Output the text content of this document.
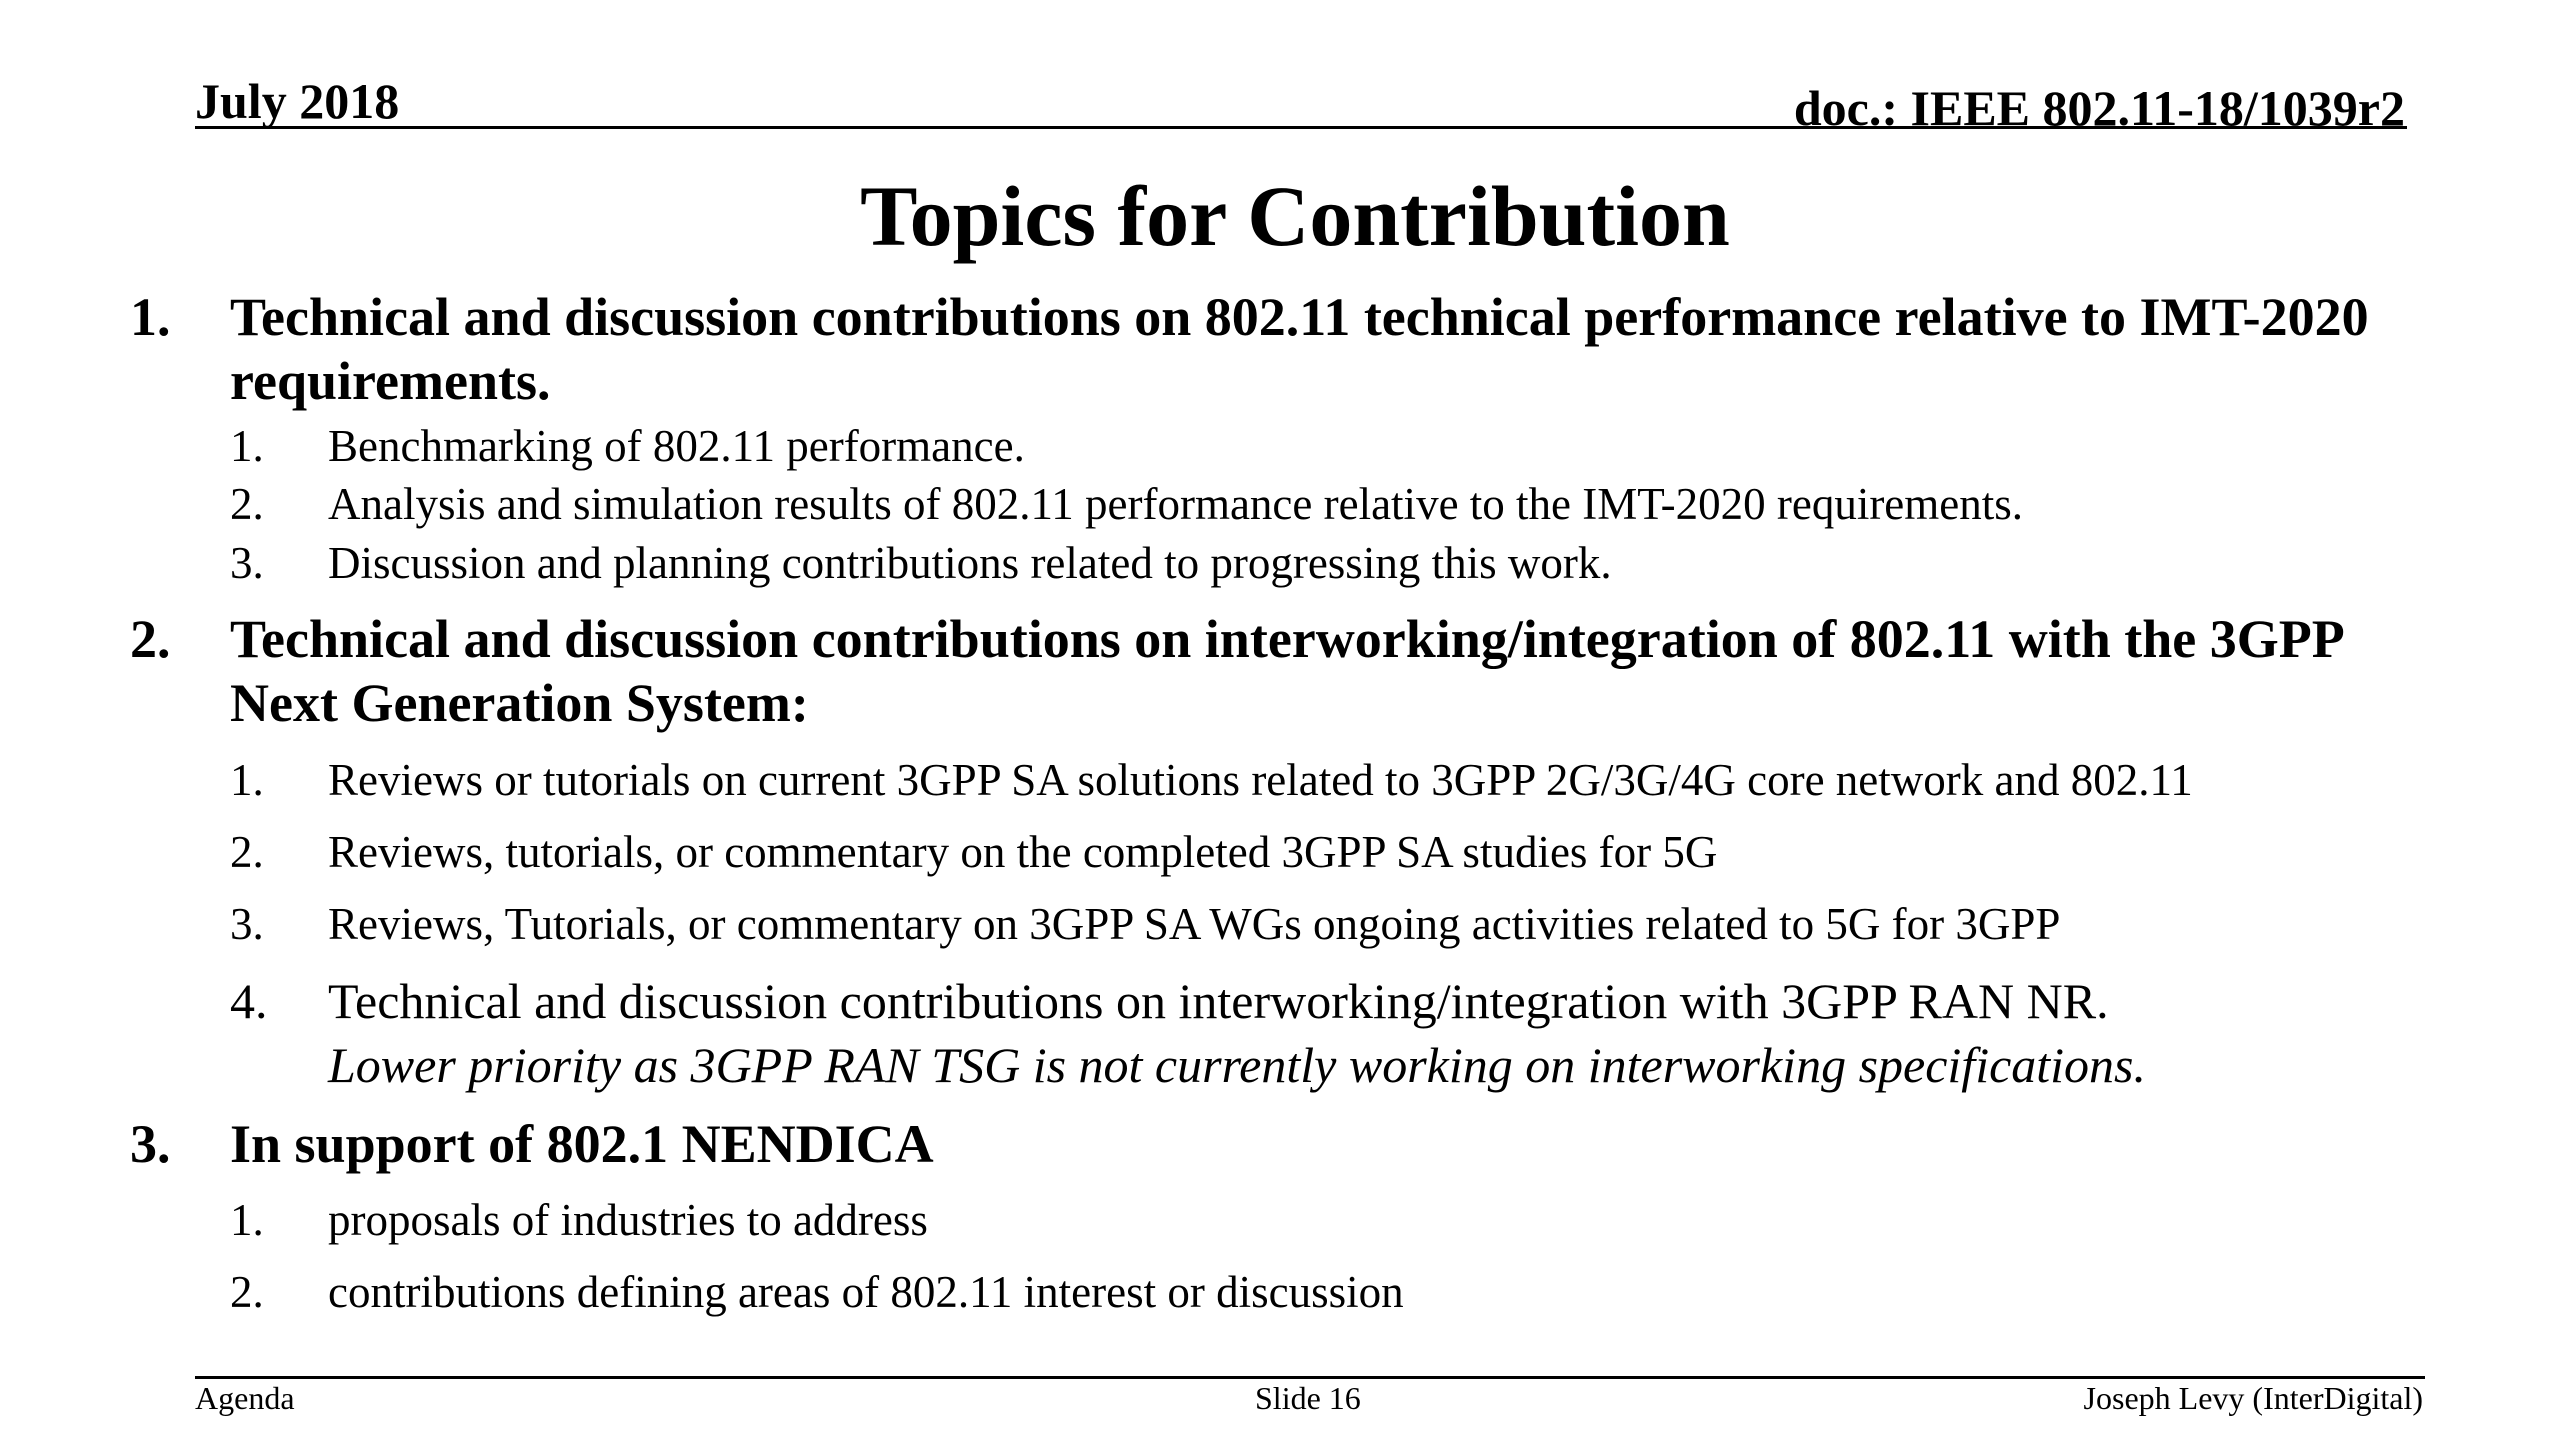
July 2018	doc.: IEEE 802.11-18/1039r2
Topics for Contribution
1. Technical and discussion contributions on 802.11 technical performance relative to IMT-2020 requirements.
1. Benchmarking of 802.11 performance.
2. Analysis and simulation results of 802.11 performance relative to the IMT-2020 requirements.
3. Discussion and planning contributions related to progressing this work.
2. Technical and discussion contributions on interworking/integration of 802.11 with the 3GPP Next Generation System:
1. Reviews or tutorials on current 3GPP SA solutions related to 3GPP 2G/3G/4G core network and 802.11
2. Reviews, tutorials, or commentary on the completed 3GPP SA studies for 5G
3. Reviews, Tutorials, or commentary on 3GPP SA WGs ongoing activities related to 5G for 3GPP
4. Technical and discussion contributions on interworking/integration with 3GPP RAN NR.
Lower priority as 3GPP RAN TSG is not currently working on interworking specifications.
3. In support of 802.1 NENDICA
1. proposals of industries to address
2. contributions defining areas of 802.11 interest or discussion
Agenda	Slide 16	Joseph Levy (InterDigital)
